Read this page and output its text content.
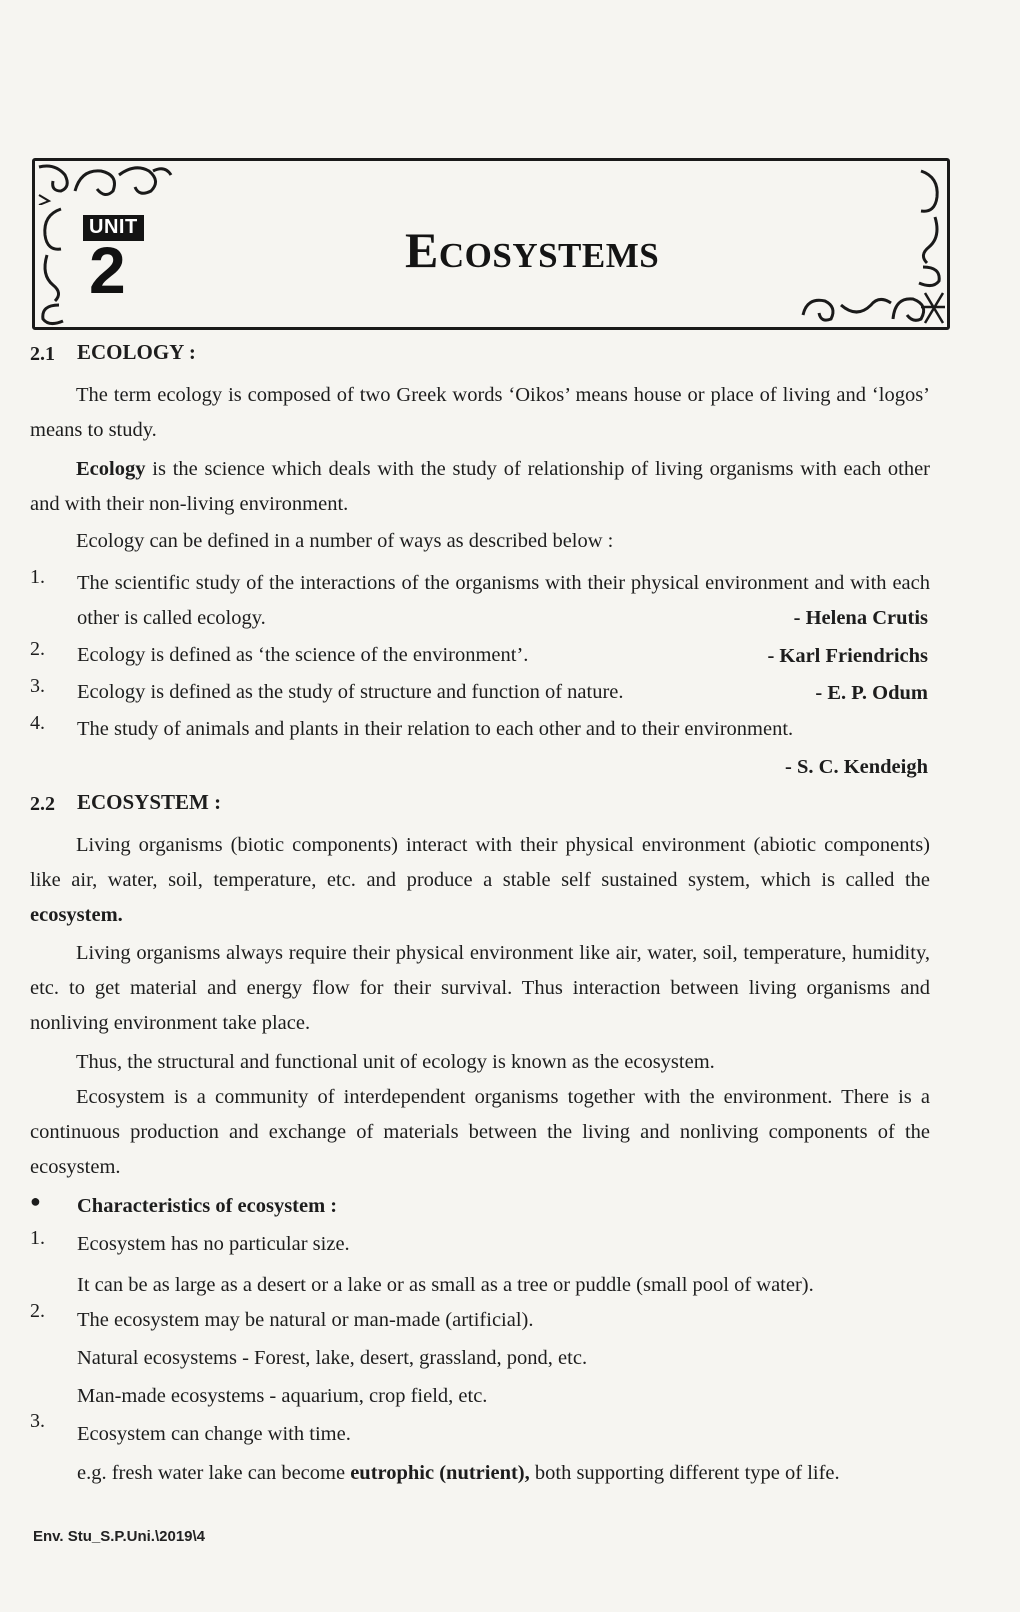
UNIT
2	Ecosystems
2.1 ECOLOGY :
The term ecology is composed of two Greek words ‘Oikos’ means house or place of living and ‘logos’ means to study.
Ecology is the science which deals with the study of relationship of living organisms with each other and with their non-living environment.
Ecology can be defined in a number of ways as described below :
1. The scientific study of the interactions of the organisms with their physical environment and with each other is called ecology.	- Helena Crutis
2. Ecology is defined as ‘the science of the environment’.	- Karl Friendrichs
3. Ecology is defined as the study of structure and function of nature.	- E. P. Odum
4. The study of animals and plants in their relation to each other and to their environment.
- S. C. Kendeigh
2.2 ECOSYSTEM :
Living organisms (biotic components) interact with their physical environment (abiotic components) like air, water, soil, temperature, etc. and produce a stable self sustained system, which is called the ecosystem.
Living organisms always require their physical environment like air, water, soil, temperature, humidity, etc. to get material and energy flow for their survival. Thus interaction between living organisms and nonliving environment take place.
Thus, the structural and functional unit of ecology is known as the ecosystem.
Ecosystem is a community of interdependent organisms together with the environment. There is a continuous production and exchange of materials between the living and nonliving components of the ecosystem.
● Characteristics of ecosystem :
1. Ecosystem has no particular size.
It can be as large as a desert or a lake or as small as a tree or puddle (small pool of water).
2. The ecosystem may be natural or man-made (artificial).
Natural ecosystems - Forest, lake, desert, grassland, pond, etc.
Man-made ecosystems - aquarium, crop field, etc.
3.
Ecosystem can change with time.
e.g. fresh water lake can become eutrophic (nutrient), both supporting different type of life.
Env. Stu_S.P.Uni.\2019\4
